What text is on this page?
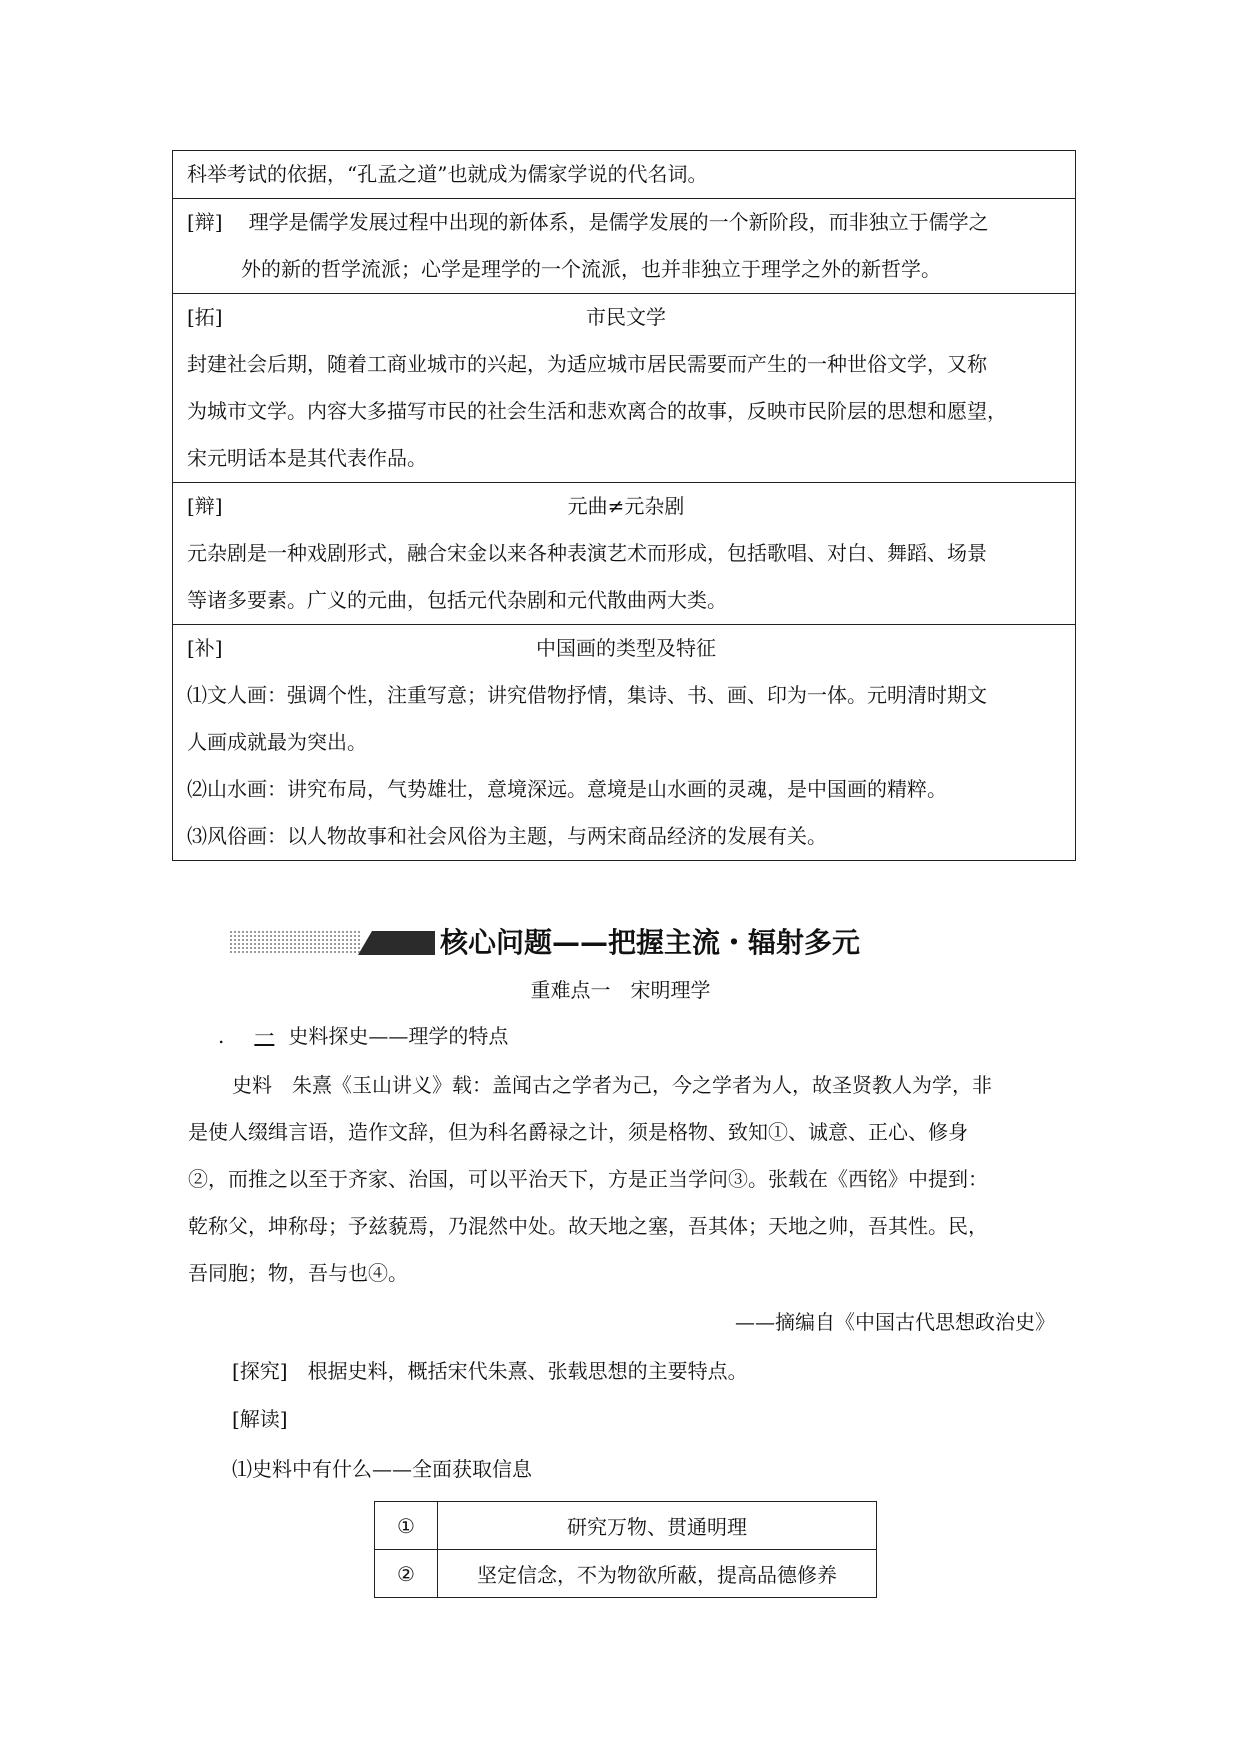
科举考试的依据，“孔孟之道”也就成为儒家学说的代名词。
[辩] 理学是儒学发展过程中出现的新体系，是儒学发展的一个新阶段，而非独立于儒学之
外的新的哲学流派；心学是理学的一个流派，也并非独立于理学之外的新哲学。
[拓]	市民文学
封建社会后期，随着工商业城市的兴起，为适应城市居民需要而产生的一种世俗文学，又称
为城市文学。内容大多描写市民的社会生活和悲欢离合的故事，反映市民阶层的思想和愿望，
宋元明话本是其代表作品。
[辩]	元曲≠元杂剧
元杂剧是一种戏剧形式，融合宋金以来各种表演艺术而形成，包括歌唱、对白、舞蹈、场景
等诸多要素。广义的元曲，包括元代杂剧和元代散曲两大类。
[补]	中国画的类型及特征
⑴文人画：强调个性，注重写意；讲究借物抒情，集诗、书、画、印为一体。元明清时期文
人画成就最为突出。
⑵山水画：讲究布局，气势雄壮，意境深远。意境是山水画的灵魂，是中国画的精粹。
⑶风俗画：以人物故事和社会风俗为主题，与两宋商品经济的发展有关。
核心问题——把握主流・辐射多元
重难点一　宋明理学
. 一 史料探史——理学的特点
史料　朱熹《玉山讲义》载：盖闻古之学者为己，今之学者为人，故圣贤教人为学，非
是使人缀缉言语，造作文辞，但为科名爵禄之计，须是格物、致知①、诚意、正心、修身
②，而推之以至于齐家、治国，可以平治天下，方是正当学问③。张载在《西铭》中提到：
乾称父，坤称母；予兹藐焉，乃混然中处。故天地之塞，吾其体；天地之帅，吾其性。民，
吾同胞；物，吾与也④。
——摘编自《中国古代思想政治史》
[探究]　根据史料，概括宋代朱熹、张载思想的主要特点。
[解读]
⑴史料中有什么——全面获取信息
①	研究万物、贯通明理
②	坚定信念，不为物欲所蔽，提高品德修养
